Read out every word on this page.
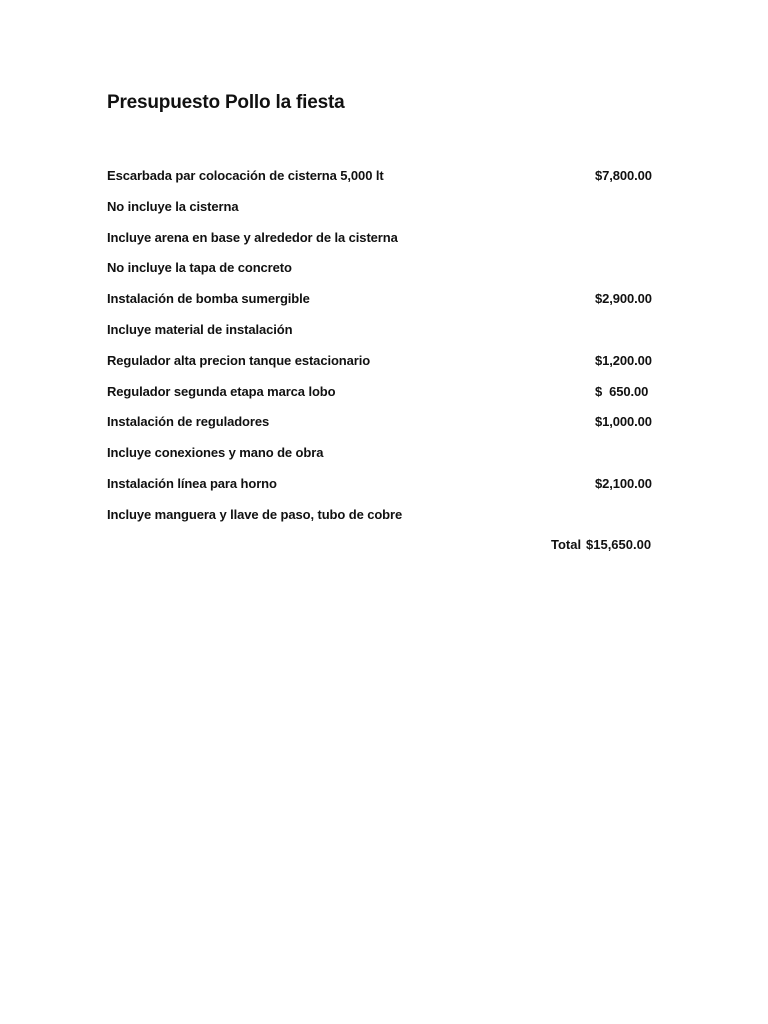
Presupuesto Pollo la fiesta
Escarbada par colocación de cisterna 5,000 lt	$7,800.00
No incluye la cisterna
Incluye arena en base y alrededor de la cisterna
No incluye la tapa de concreto
Instalación de bomba sumergible	$2,900.00
Incluye material de instalación
Regulador alta precion tanque estacionario	$1,200.00
Regulador segunda etapa marca lobo	$  650.00
Instalación de reguladores	$1,000.00
Incluye conexiones y mano de obra
Instalación línea para horno	$2,100.00
Incluye manguera y llave de paso, tubo de cobre
Total $15,650.00
